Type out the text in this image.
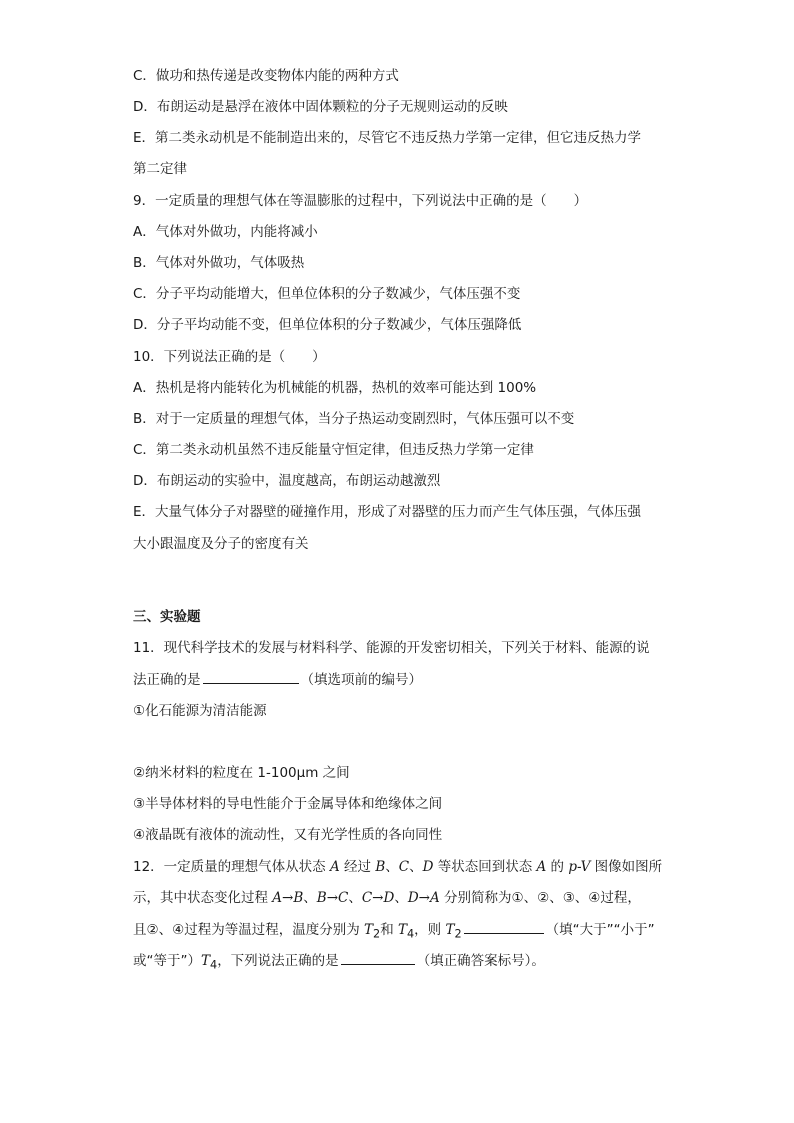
C．做功和热传递是改变物体内能的两种方式
D．布朗运动是悬浮在液体中固体颗粒的分子无规则运动的反映
E．第二类永动机是不能制造出来的，尽管它不违反热力学第一定律，但它违反热力学
第二定律
9．一定质量的理想气体在等温膨胀的过程中，下列说法中正确的是（　　）
A．气体对外做功，内能将减小
B．气体对外做功，气体吸热
C．分子平均动能增大，但单位体积的分子数减少，气体压强不变
D．分子平均动能不变，但单位体积的分子数减少，气体压强降低
10．下列说法正确的是（　　）
A．热机是将内能转化为机械能的机器，热机的效率可能达到 100%
B．对于一定质量的理想气体，当分子热运动变剧烈时，气体压强可以不变
C．第二类永动机虽然不违反能量守恒定律，但违反热力学第一定律
D．布朗运动的实验中，温度越高，布朗运动越激烈
E．大量气体分子对器壁的碰撞作用，形成了对器壁的压力而产生气体压强，气体压强
大小跟温度及分子的密度有关
三、实验题
11．现代科学技术的发展与材料科学、能源的开发密切相关，下列关于材料、能源的说
法正确的是	（填选项前的编号）
①化石能源为清洁能源
②纳米材料的粒度在 1-100μm 之间
③半导体材料的导电性能介于金属导体和绝缘体之间
④液晶既有液体的流动性，又有光学性质的各向同性
12．一定质量的理想气体从状态 A 经过 B、C、D 等状态回到状态 A 的 p-V 图像如图所
示，其中状态变化过程 A→B、B→C、C→D、D→A 分别简称为①、②、③、④过程，
且②、④过程为等温过程，温度分别为 $T_2$和 $T_4$，则 $T_2$	（填“大于”“小于”
或“等于$”)T_4$，下列说法正确的是	（填正确答案标号）。
